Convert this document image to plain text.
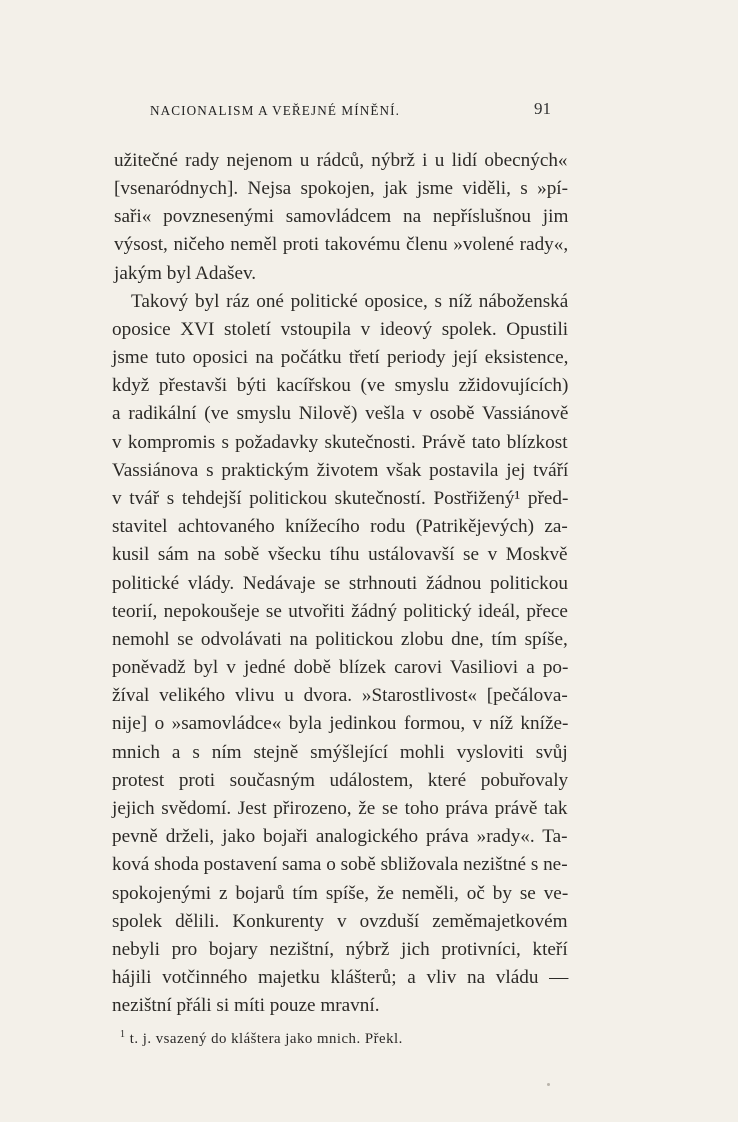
NACIONALISM A VEŘEJNÉ MÍNĚNÍ.	91
užitečné rady nejenom u rádců, nýbrž i u lidí obecných«
[vsenaródnych]. Nejsa spokojen, jak jsme viděli, s »pí-
saři« povznesenými samovládcem na nepříslušnou jim
výsost, ničeho neměl proti takovému členu »volené rady«,
jakým byl Adašev.
Takový byl ráz oné politické oposice, s níž náboženská
oposice XVI století vstoupila v ideový spolek. Opustili
jsme tuto oposici na počátku třetí periody její eksistence,
když přestavši býti kacířskou (ve smyslu zžidovujících)
a radikální (ve smyslu Nilově) vešla v osobě Vassiánově
v kompromis s požadavky skutečnosti. Právě tato blízkost
Vassiánova s praktickým životem však postavila jej tváří
v tvář s tehdejší politickou skutečností. Postřižený¹ před-
stavitel achtovaného knížecího rodu (Patrikějevých) za-
kusil sám na sobě všecku tíhu ustálovavší se v Moskvě
politické vlády. Nedávaje se strhnouti žádnou politickou
teorií, nepokoušeje se utvořiti žádný politický ideál, přece
nemohl se odvolávati na politickou zlobu dne, tím spíše,
poněvadž byl v jedné době blízek carovi Vasiliovi a po-
žíval velikého vlivu u dvora. »Starostlivost« [pečálova-
nije] o »samovládce« byla jedinkou formou, v níž kníže-
mnich a s ním stejně smýšlející mohli vysloviti svůj
protest proti současným událostem, které pobuřovaly
jejich svědomí. Jest přirozeno, že se toho práva právě tak
pevně drželi, jako bojaři analogického práva »rady«. Ta-
ková shoda postavení sama o sobě sbližovala nezištné s ne-
spokojenými z bojarů tím spíše, že neměli, oč by se ve-
spolek dělili. Konkurenty v ovzduší zeměmajetkovém
nebyli pro bojary nezištní, nýbrž jich protivníci, kteří
hájili votčinného majetku klášterů; a vliv na vládu —
nezištní přáli si míti pouze mravní.
$^1$ t. j. vsazený do kláštera jako mnich. Překl.
